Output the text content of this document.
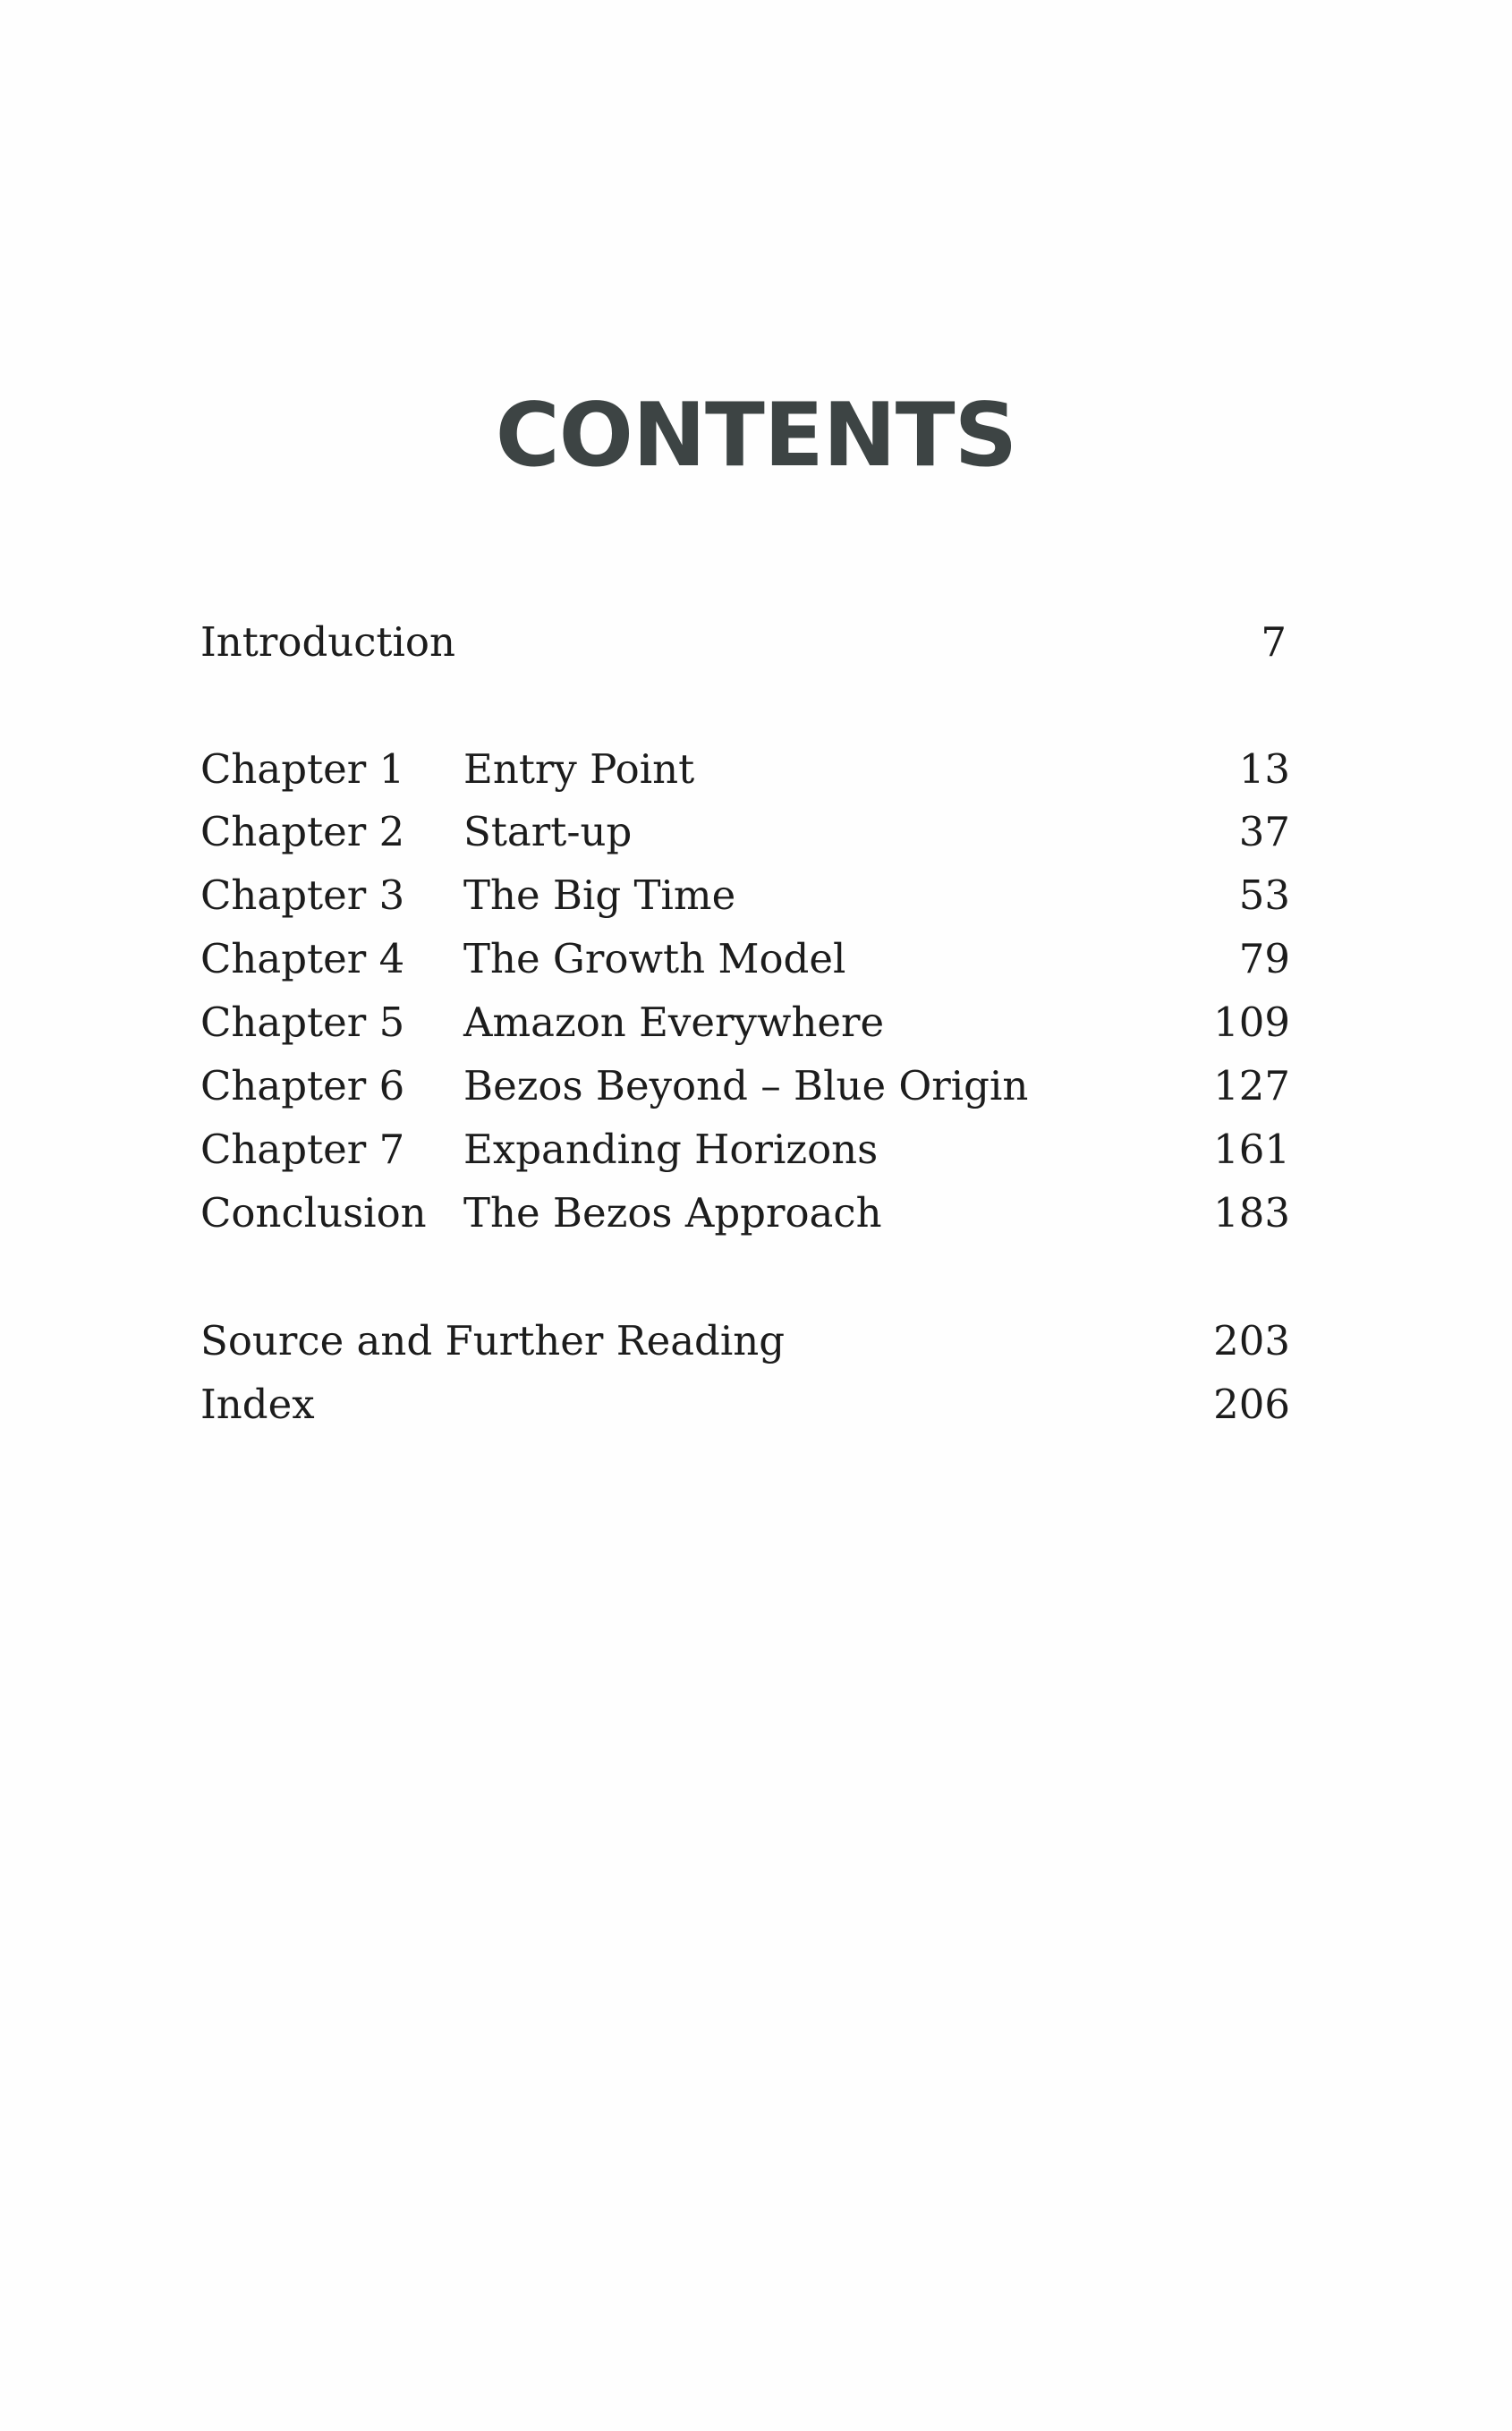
CONTENTS
Introduction	7
Chapter 1 Entry Point	13
Chapter 2 Start-up	37
Chapter 3 The Big Time	53
Chapter 4 The Growth Model	79
Chapter 5 Amazon Everywhere	109
Chapter 6 Bezos Beyond – Blue Origin	127
Chapter 7 Expanding Horizons	161
Conclusion The Bezos Approach	183
Source and Further Reading	203
Index	206
